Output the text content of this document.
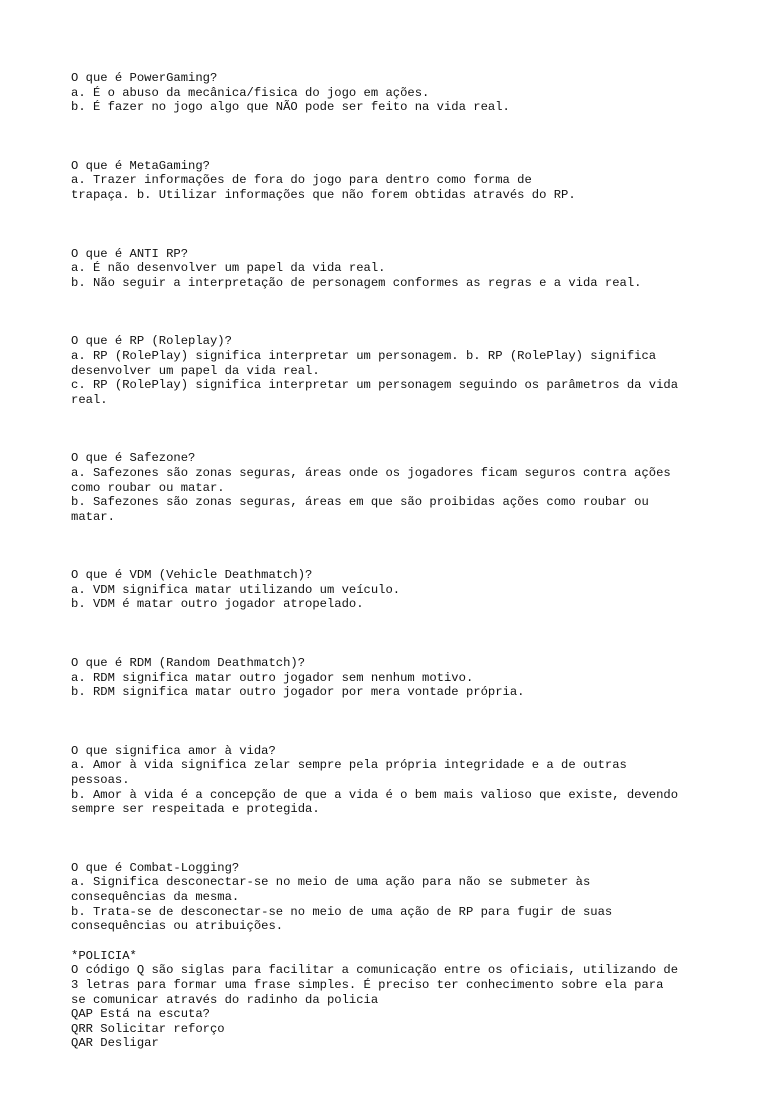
O que é PowerGaming?
a. É o abuso da mecânica/fisica do jogo em ações.
b. É fazer no jogo algo que NÃO pode ser feito na vida real.
O que é MetaGaming?
a. Trazer informações de fora do jogo para dentro como forma de
trapaça. b. Utilizar informações que não forem obtidas através do RP.
O que é ANTI RP?
a. É não desenvolver um papel da vida real.
b. Não seguir a interpretação de personagem conformes as regras e a vida real.
O que é RP (Roleplay)?
a. RP (RolePlay) significa interpretar um personagem. b. RP (RolePlay) significa
desenvolver um papel da vida real.
c. RP (RolePlay) significa interpretar um personagem seguindo os parâmetros da vida
real.
O que é Safezone?
a. Safezones são zonas seguras, áreas onde os jogadores ficam seguros contra ações
como roubar ou matar.
b. Safezones são zonas seguras, áreas em que são proibidas ações como roubar ou
matar.
O que é VDM (Vehicle Deathmatch)?
a. VDM significa matar utilizando um veículo.
b. VDM é matar outro jogador atropelado.
O que é RDM (Random Deathmatch)?
a. RDM significa matar outro jogador sem nenhum motivo.
b. RDM significa matar outro jogador por mera vontade própria.
O que significa amor à vida?
a. Amor à vida significa zelar sempre pela própria integridade e a de outras
pessoas.
b. Amor à vida é a concepção de que a vida é o bem mais valioso que existe, devendo
sempre ser respeitada e protegida.
O que é Combat-Logging?
a. Significa desconectar-se no meio de uma ação para não se submeter às
consequências da mesma.
b. Trata-se de desconectar-se no meio de uma ação de RP para fugir de suas
consequências ou atribuições.
*POLICIA*
O código Q são siglas para facilitar a comunicação entre os oficiais, utilizando de
3 letras para formar uma frase simples. É preciso ter conhecimento sobre ela para
se comunicar através do radinho da policia
QAP Está na escuta?
QRR Solicitar reforço
QAR Desligar
